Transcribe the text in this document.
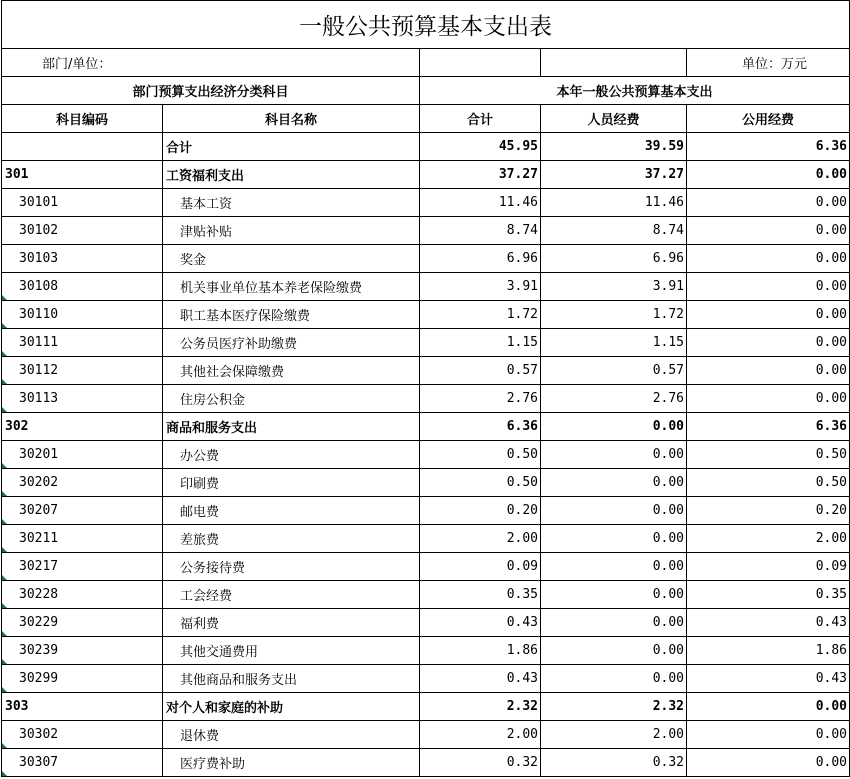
一般公共预算基本支出表				
部门/单位：				单位：万元
部门预算支出经济分类科目		本年一般公共预算基本支出		
科目编码	科目名称	合计	人员经费	公用经费
	合计	45.95	39.59	6.36
301	工资福利支出	37.27	37.27	0.00
30101	基本工资	11.46	11.46	0.00
30102	津贴补贴	8.74	8.74	0.00
30103	奖金	6.96	6.96	0.00
30108	机关事业单位基本养老保险缴费	3.91	3.91	0.00
30110	职工基本医疗保险缴费	1.72	1.72	0.00
30111	公务员医疗补助缴费	1.15	1.15	0.00
30112	其他社会保障缴费	0.57	0.57	0.00
30113	住房公积金	2.76	2.76	0.00
302	商品和服务支出	6.36	0.00	6.36
30201	办公费	0.50	0.00	0.50
30202	印刷费	0.50	0.00	0.50
30207	邮电费	0.20	0.00	0.20
30211	差旅费	2.00	0.00	2.00
30217	公务接待费	0.09	0.00	0.09
30228	工会经费	0.35	0.00	0.35
30229	福利费	0.43	0.00	0.43
30239	其他交通费用	1.86	0.00	1.86
30299	其他商品和服务支出	0.43	0.00	0.43
303	对个人和家庭的补助	2.32	2.32	0.00
30302	退休费	2.00	2.00	0.00
30307	医疗费补助	0.32	0.32	0.00
